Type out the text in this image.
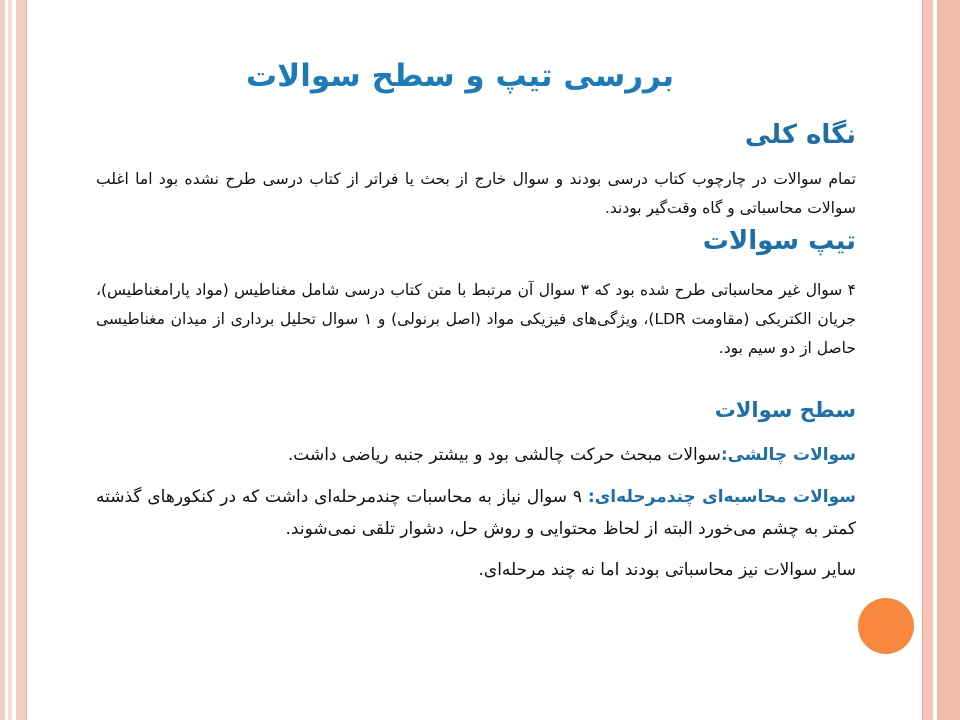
بررسی تیپ و سطح سوالات
نگاه کلی
تمام سوالات در چارچوب کتاب درسی بودند و سوال خارج از بحث یا فراتر از کتاب درسی طرح نشده بود اما اغلب سوالات محاسباتی و گاه وقت‌گیر بودند.
تیپ سوالات
۴ سوال غیر محاسباتی طرح شده بود که ۳ سوال آن مرتبط با متن کتاب درسی شامل مغناطیس (مواد پارامغناطیس)، جریان الکتریکی (مقاومت LDR)، ویژگی‌های فیزیکی مواد (اصل برنولی) و ۱ سوال تحلیل برداری از میدان مغناطیسی حاصل از دو سیم بود.
سطح سوالات
سوالات چالشی:سوالات مبحث حرکت چالشی بود و بیشتر جنبه ریاضی داشت.
سوالات محاسبه‌ای چندمرحله‌ای: ۹ سوال نیاز به محاسبات چندمرحله‌ای داشت که در کنکورهای گذشته کمتر به چشم می‌خورد البته از لحاظ محتوایی و روش حل، دشوار تلقی نمی‌شوند.
سایر سوالات نیز محاسباتی بودند اما نه چند مرحله‌ای.
